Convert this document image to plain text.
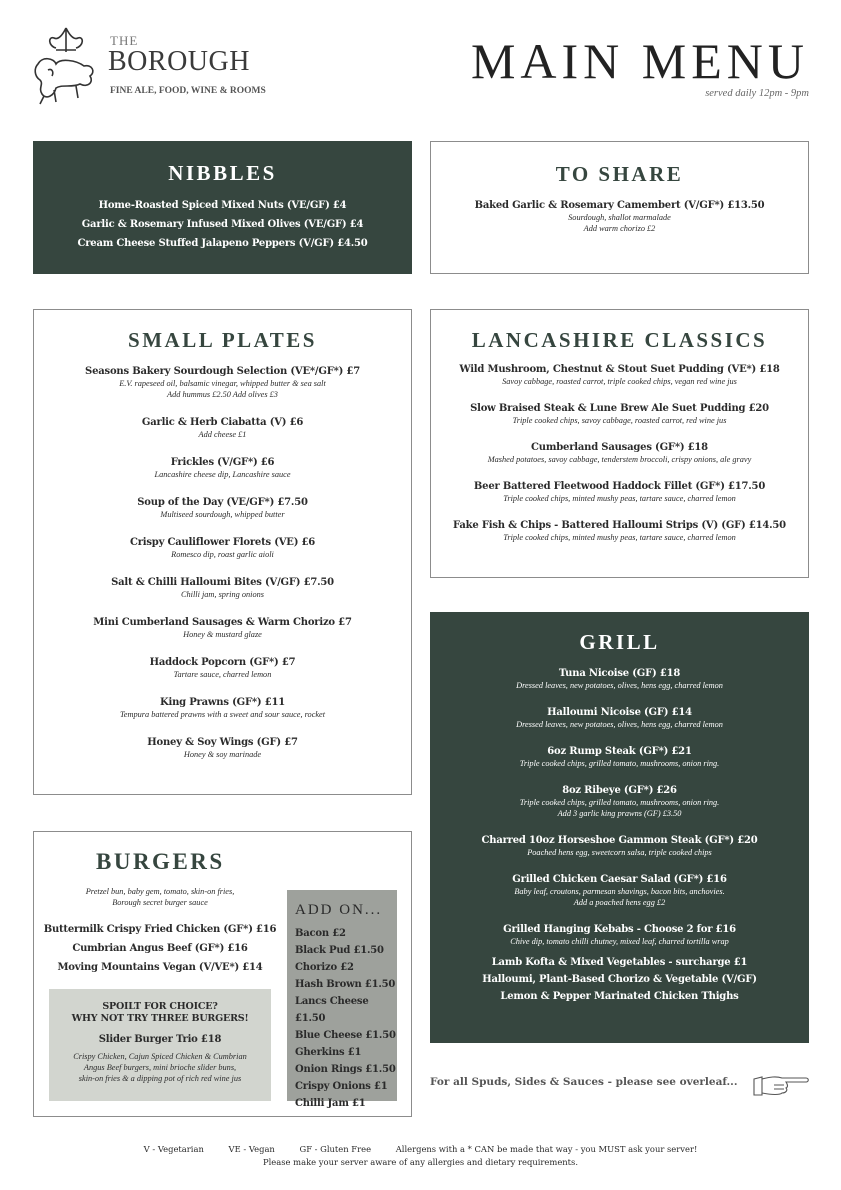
THE
BOROUGH
FINE ALE, FOOD, WINE & ROOMS
MAIN MENU
served daily 12pm - 9pm
NIBBLES
Home-Roasted Spiced Mixed Nuts (VE/GF) £4
Garlic & Rosemary Infused Mixed Olives (VE/GF) £4
Cream Cheese Stuffed Jalapeno Peppers (V/GF) £4.50
TO SHARE
Baked Garlic & Rosemary Camembert (V/GF*) £13.50
Sourdough, shallot marmalade
Add warm chorizo £2
SMALL PLATES
Seasons Bakery Sourdough Selection (VE*/GF*) £7
E.V. rapeseed oil, balsamic vinegar, whipped butter & sea salt
Add hummus £2.50 Add olives £3
Garlic & Herb Ciabatta (V) £6
Add cheese £1
Frickles (V/GF*) £6
Lancashire cheese dip, Lancashire sauce
Soup of the Day (VE/GF*) £7.50
Multiseed sourdough, whipped butter
Crispy Cauliflower Florets (VE) £6
Romesco dip, roast garlic aioli
Salt & Chilli Halloumi Bites (V/GF) £7.50
Chilli jam, spring onions
Mini Cumberland Sausages & Warm Chorizo £7
Honey & mustard glaze
Haddock Popcorn (GF*) £7
Tartare sauce, charred lemon
King Prawns (GF*) £11
Tempura battered prawns with a sweet and sour sauce, rocket
Honey & Soy Wings (GF) £7
Honey & soy marinade
LANCASHIRE CLASSICS
Wild Mushroom, Chestnut & Stout Suet Pudding (VE*) £18
Savoy cabbage, roasted carrot, triple cooked chips, vegan red wine jus
Slow Braised Steak & Lune Brew Ale Suet Pudding £20
Triple cooked chips, savoy cabbage, roasted carrot, red wine jus
Cumberland Sausages (GF*) £18
Mashed potatoes, savoy cabbage, tenderstem broccoli, crispy onions, ale gravy
Beer Battered Fleetwood Haddock Fillet (GF*) £17.50
Triple cooked chips, minted mushy peas, tartare sauce, charred lemon
Fake Fish & Chips - Battered Halloumi Strips (V) (GF) £14.50
Triple cooked chips, minted mushy peas, tartare sauce, charred lemon
GRILL
Tuna Nicoise (GF) £18
Dressed leaves, new potatoes, olives, hens egg, charred lemon
Halloumi Nicoise (GF) £14
Dressed leaves, new potatoes, olives, hens egg, charred lemon
6oz Rump Steak (GF*) £21
Triple cooked chips, grilled tomato, mushrooms, onion ring.
8oz Ribeye (GF*) £26
Triple cooked chips, grilled tomato, mushrooms, onion ring.
Add 3 garlic king prawns (GF) £3.50
Charred 10oz Horseshoe Gammon Steak (GF*) £20
Poached hens egg, sweetcorn salsa, triple cooked chips
Grilled Chicken Caesar Salad (GF*) £16
Baby leaf, croutons, parmesan shavings, bacon bits, anchovies.
Add a poached hens egg £2
Grilled Hanging Kebabs - Choose 2 for £16
Chive dip, tomato chilli chutney, mixed leaf, charred tortilla wrap
Lamb Kofta & Mixed Vegetables - surcharge £1
Halloumi, Plant-Based Chorizo & Vegetable (V/GF)
Lemon & Pepper Marinated Chicken Thighs
BURGERS
Pretzel bun, baby gem, tomato, skin-on fries,
Borough secret burger sauce
Buttermilk Crispy Fried Chicken (GF*) £16
Cumbrian Angus Beef (GF*) £16
Moving Mountains Vegan (V/VE*) £14
SPOILT FOR CHOICE?
WHY NOT TRY THREE BURGERS!
Slider Burger Trio £18
Crispy Chicken, Cajun Spiced Chicken & Cumbrian
Angus Beef burgers, mini brioche slider buns,
skin-on fries & a dipping pot of rich red wine jus
ADD ON...
Bacon £2
Black Pud £1.50
Chorizo £2
Hash Brown £1.50
Lancs Cheese £1.50
Blue Cheese £1.50
Gherkins £1
Onion Rings £1.50
Crispy Onions £1
Chilli Jam £1
For all Spuds, Sides & Sauces - please see overleaf...
V - Vegetarian	VE - Vegan	GF - Gluten Free	Allergens with a * CAN be made that way - you MUST ask your server!
Please make your server aware of any allergies and dietary requirements.
